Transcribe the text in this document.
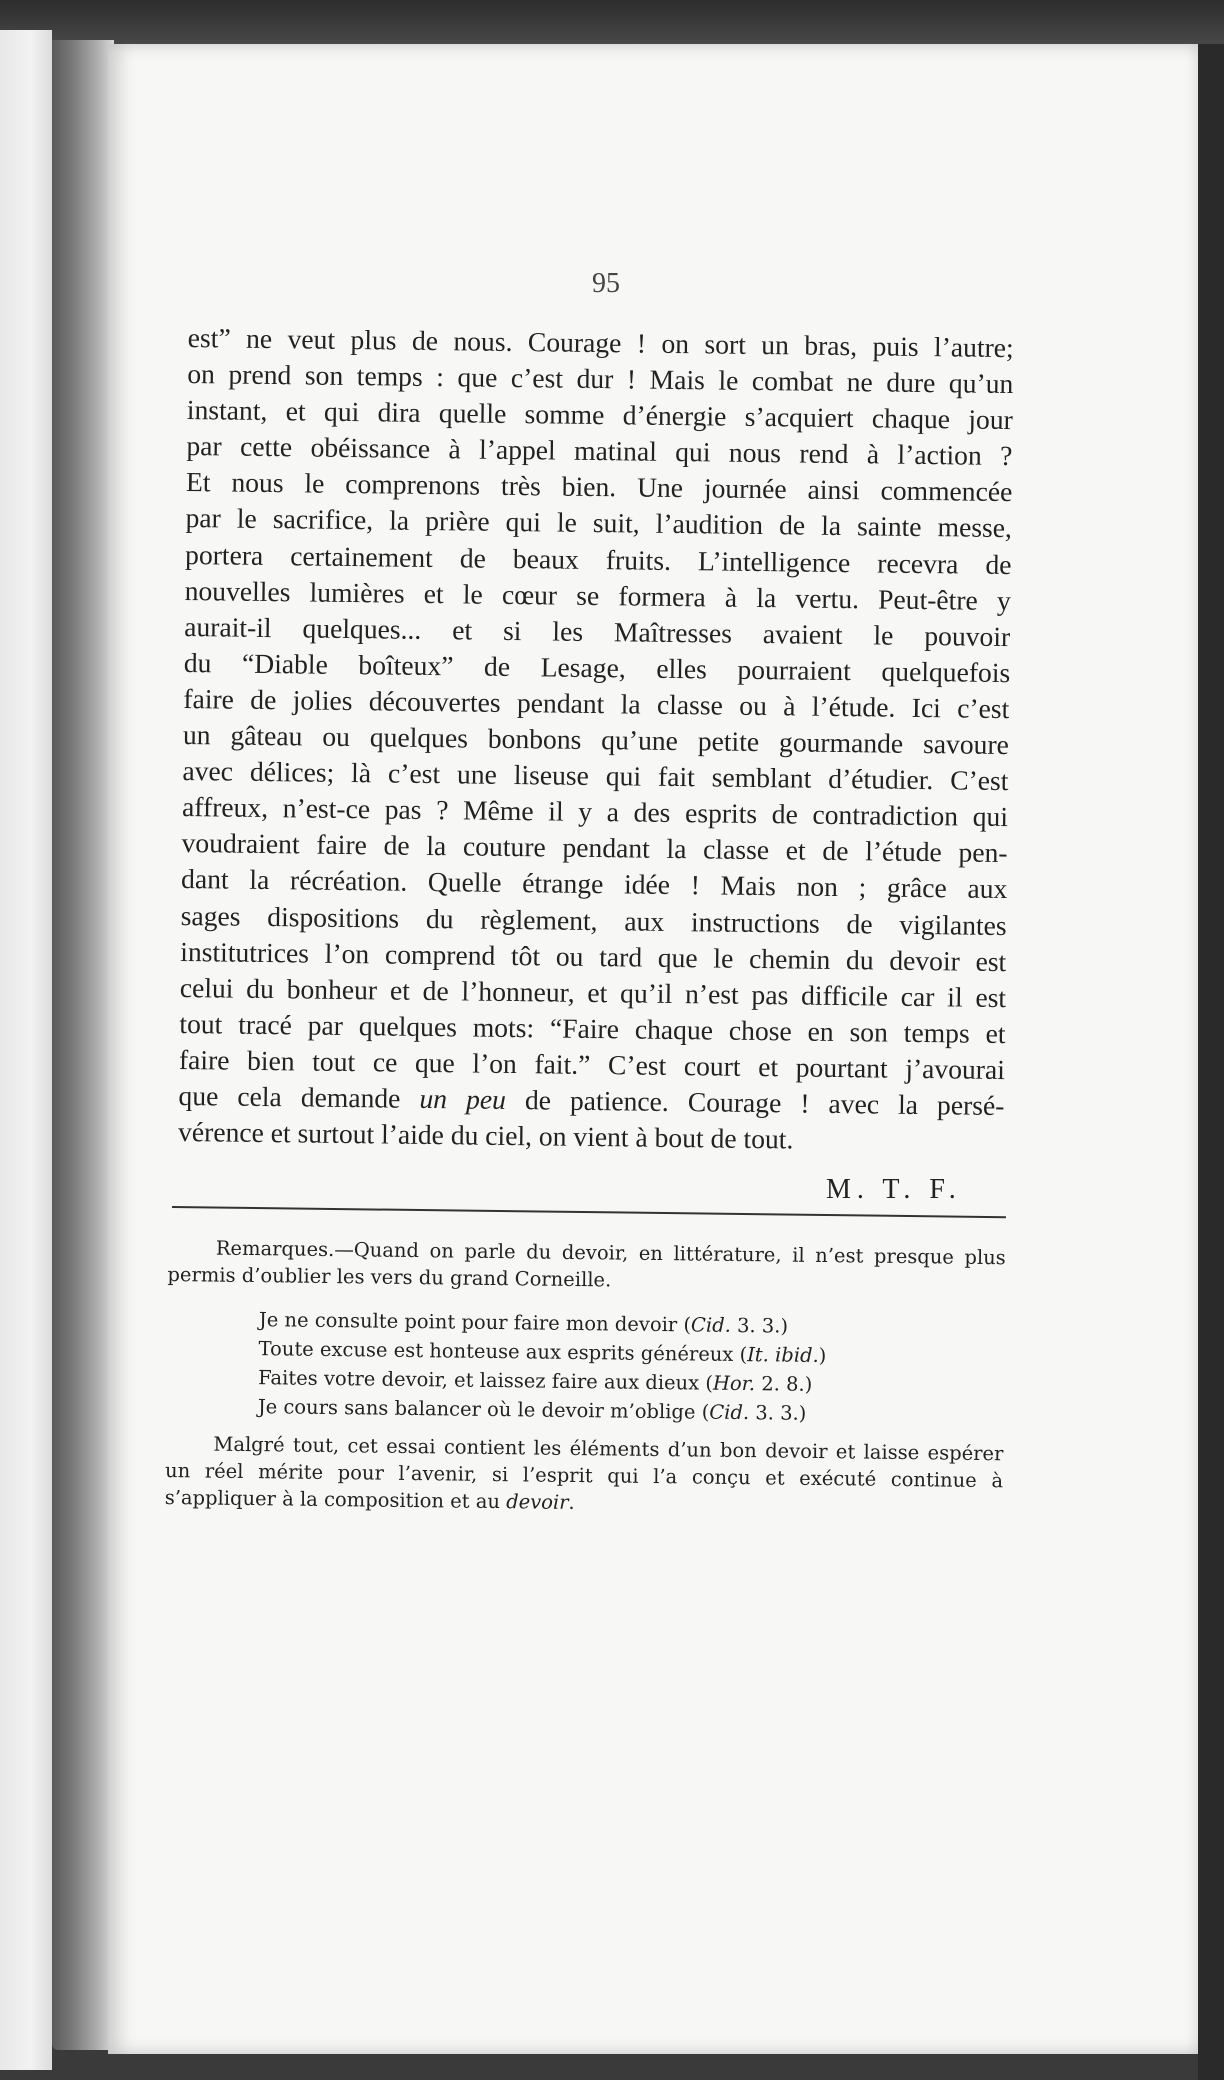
95
est” ne veut plus de nous. Courage ! on sort un bras, puis l’autre;
on prend son temps : que c’est dur ! Mais le combat ne dure qu’un
instant, et qui dira quelle somme d’énergie s’acquiert chaque jour
par cette obéissance à l’appel matinal qui nous rend à l’action ?
Et nous le comprenons très bien. Une journée ainsi commencée
par le sacrifice, la prière qui le suit, l’audition de la sainte messe,
portera certainement de beaux fruits. L’intelligence recevra de
nouvelles lumières et le cœur se formera à la vertu. Peut-être y
aurait-il quelques... et si les Maîtresses avaient le pouvoir
du “Diable boîteux” de Lesage, elles pourraient quelquefois
faire de jolies découvertes pendant la classe ou à l’étude. Ici c’est
un gâteau ou quelques bonbons qu’une petite gourmande savoure
avec délices; là c’est une liseuse qui fait semblant d’étudier. C’est
affreux, n’est-ce pas ? Même il y a des esprits de contradiction qui
voudraient faire de la couture pendant la classe et de l’étude pen-
dant la récréation. Quelle étrange idée ! Mais non ; grâce aux
sages dispositions du règlement, aux instructions de vigilantes
institutrices l’on comprend tôt ou tard que le chemin du devoir est
celui du bonheur et de l’honneur, et qu’il n’est pas difficile car il est
tout tracé par quelques mots: “Faire chaque chose en son temps et
faire bien tout ce que l’on fait.” C’est court et pourtant j’avourai
que cela demande un peu de patience. Courage ! avec la persé-
vérence et surtout l’aide du ciel, on vient à bout de tout.
M. T. F.

Remarques.—Quand on parle du devoir, en littérature, il n’est presque plus permis d’oublier les vers du grand Corneille.

Je ne consulte point pour faire mon devoir (Cid. 3. 3.)
Toute excuse est honteuse aux esprits généreux (It. ibid.)
Faites votre devoir, et laissez faire aux dieux (Hor. 2. 8.)
Je cours sans balancer où le devoir m’oblige (Cid. 3. 3.)

Malgré tout, cet essai contient les éléments d’un bon devoir et laisse espérer un réel mérite pour l’avenir, si l’esprit qui l’a conçu et exécuté continue à s’appliquer à la composition et au devoir.
